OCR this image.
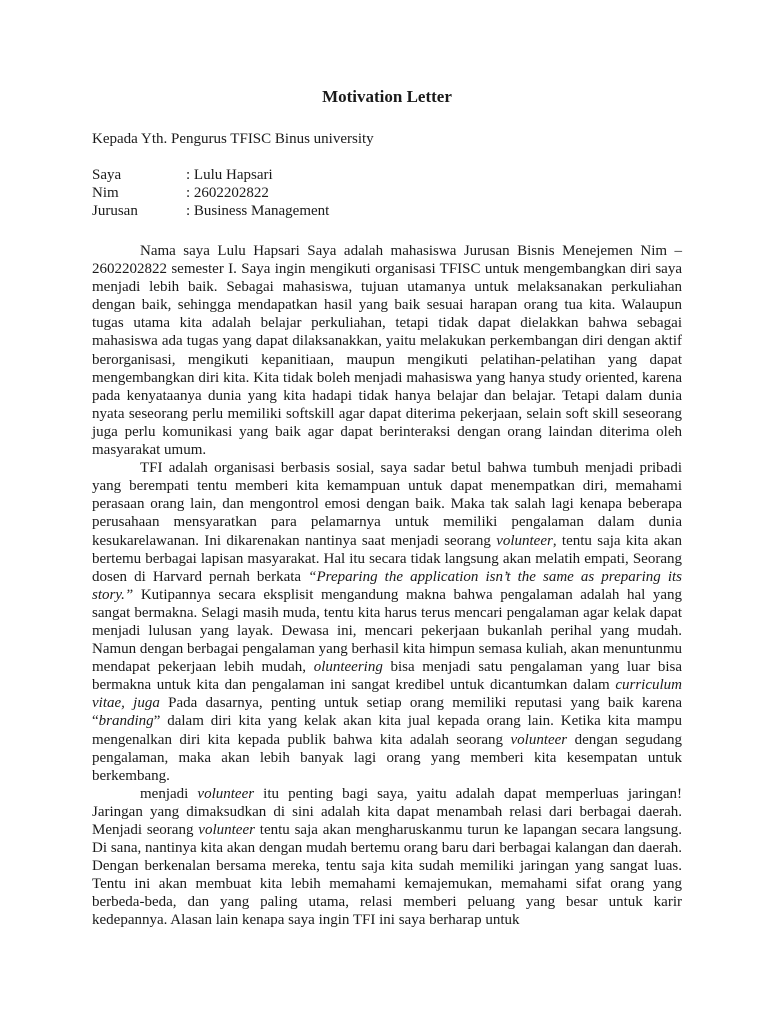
Motivation Letter

Kepada Yth. Pengurus TFISC Binus university

Saya	: Lulu Hapsari
Nim	: 2602202822
Jurusan	: Business Management

Nama saya Lulu Hapsari Saya adalah mahasiswa Jurusan Bisnis Menejemen Nim – 2602202822 semester I. Saya ingin mengikuti organisasi TFISC untuk mengembangkan diri saya menjadi lebih baik. Sebagai mahasiswa, tujuan utamanya untuk melaksanakan perkuliahan dengan baik, sehingga mendapatkan hasil yang baik sesuai harapan orang tua kita. Walaupun tugas utama kita adalah belajar perkuliahan, tetapi tidak dapat dielakkan bahwa sebagai mahasiswa ada tugas yang dapat dilaksanakkan, yaitu melakukan perkembangan diri dengan aktif berorganisasi, mengikuti kepanitiaan, maupun mengikuti pelatihan-pelatihan yang dapat mengembangkan diri kita. Kita tidak boleh menjadi mahasiswa yang hanya study oriented, karena pada kenyataanya dunia yang kita hadapi tidak hanya belajar dan belajar. Tetapi dalam dunia nyata seseorang perlu memiliki softskill agar dapat diterima pekerjaan, selain soft skill seseorang juga perlu komunikasi yang baik agar dapat berinteraksi dengan orang laindan diterima oleh masyarakat umum.

TFI adalah organisasi berbasis sosial, saya sadar betul bahwa tumbuh menjadi pribadi yang berempati tentu memberi kita kemampuan untuk dapat menempatkan diri, memahami perasaan orang lain, dan mengontrol emosi dengan baik. Maka tak salah lagi kenapa beberapa perusahaan mensyaratkan para pelamarnya untuk memiliki pengalaman dalam dunia kesukarelawanan. Ini dikarenakan nantinya saat menjadi seorang volunteer, tentu saja kita akan bertemu berbagai lapisan masyarakat. Hal itu secara tidak langsung akan melatih empati, Seorang dosen di Harvard pernah berkata “Preparing the application isn’t the same as preparing its story.” Kutipannya secara eksplisit mengandung makna bahwa pengalaman adalah hal yang sangat bermakna. Selagi masih muda, tentu kita harus terus mencari pengalaman agar kelak dapat menjadi lulusan yang layak. Dewasa ini, mencari pekerjaan bukanlah perihal yang mudah. Namun dengan berbagai pengalaman yang berhasil kita himpun semasa kuliah, akan menuntunmu mendapat pekerjaan lebih mudah, olunteering bisa menjadi satu pengalaman yang luar bisa bermakna untuk kita dan pengalaman ini sangat kredibel untuk dicantumkan dalam curriculum vitae, juga Pada dasarnya, penting untuk setiap orang memiliki reputasi yang baik karena “branding” dalam diri kita yang kelak akan kita jual kepada orang lain. Ketika kita mampu mengenalkan diri kita kepada publik bahwa kita adalah seorang volunteer dengan segudang pengalaman, maka akan lebih banyak lagi orang yang memberi kita kesempatan untuk berkembang.

menjadi volunteer itu penting bagi saya, yaitu adalah dapat memperluas jaringan! Jaringan yang dimaksudkan di sini adalah kita dapat menambah relasi dari berbagai daerah. Menjadi seorang volunteer tentu saja akan mengharuskanmu turun ke lapangan secara langsung. Di sana, nantinya kita akan dengan mudah bertemu orang baru dari berbagai kalangan dan daerah. Dengan berkenalan bersama mereka, tentu saja kita sudah memiliki jaringan yang sangat luas. Tentu ini akan membuat kita lebih memahami kemajemukan, memahami sifat orang yang berbeda-beda, dan yang paling utama, relasi memberi peluang yang besar untuk karir kedepannya. Alasan lain kenapa saya ingin TFI ini saya berharap untuk
